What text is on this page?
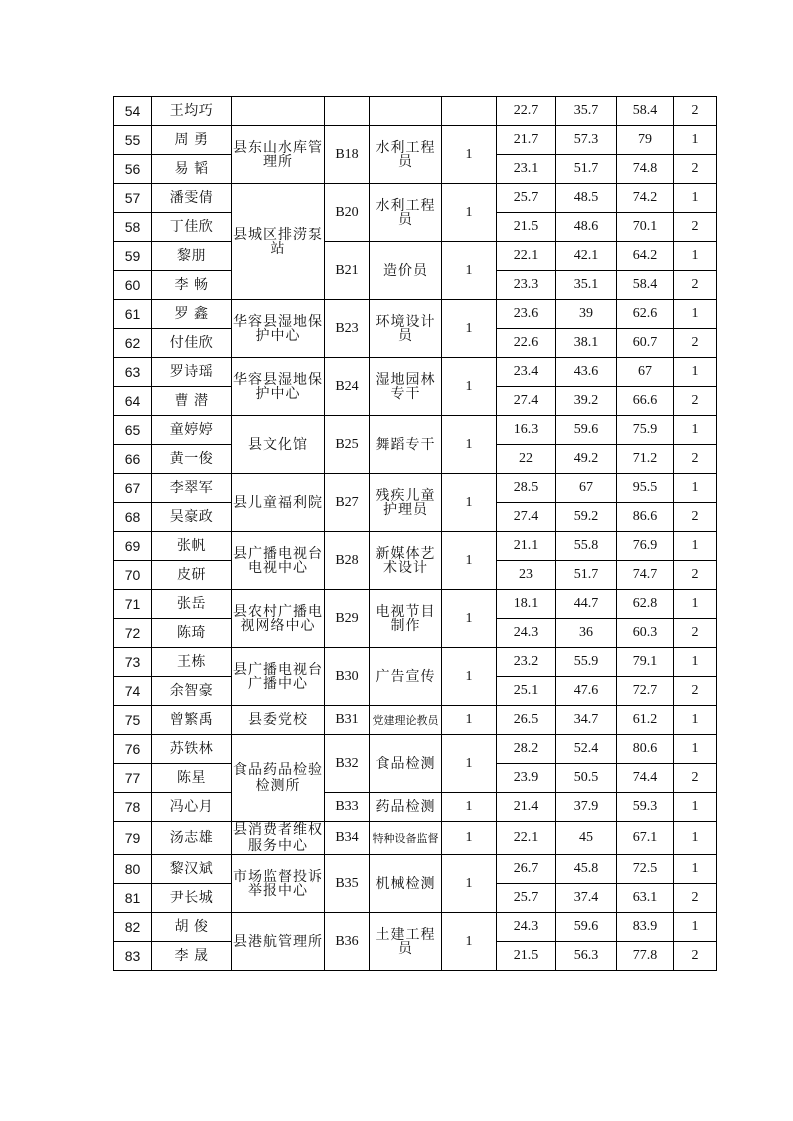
54	王均巧					22.7	35.7	58.4	2
55	周 勇	县东山水库管理所	B18	水利工程员	1	21.7	57.3	79	1
56	易 韬					23.1	51.7	74.8	2
57	潘雯倩	县城区排涝泵站	B20	水利工程员	1	25.7	48.5	74.2	1
58	丁佳欣					21.5	48.6	70.1	2
59	黎朋		B21	造价员	1	22.1	42.1	64.2	1
60	李 畅					23.3	35.1	58.4	2
61	罗 鑫	华容县湿地保护中心	B23	环境设计员	1	23.6	39	62.6	1
62	付佳欣					22.6	38.1	60.7	2
63	罗诗瑶	华容县湿地保护中心	B24	湿地园林专干	1	23.4	43.6	67	1
64	曹 潜					27.4	39.2	66.6	2
65	童婷婷	县文化馆	B25	舞蹈专干	1	16.3	59.6	75.9	1
66	黄一俊					22	49.2	71.2	2
67	李翠军	县儿童福利院	B27	残疾儿童护理员	1	28.5	67	95.5	1
68	吴豪政					27.4	59.2	86.6	2
69	张帆	县广播电视台电视中心	B28	新媒体艺术设计	1	21.1	55.8	76.9	1
70	皮研					23	51.7	74.7	2
71	张岳	县农村广播电视网络中心	B29	电视节目制作	1	18.1	44.7	62.8	1
72	陈琦					24.3	36	60.3	2
73	王栋	县广播电视台广播中心	B30	广告宣传	1	23.2	55.9	79.1	1
74	余智豪					25.1	47.6	72.7	2
75	曾繁禹	县委党校	B31	党建理论教员	1	26.5	34.7	61.2	1
76	苏铁林	食品药品检验检测所	B32	食品检测	1	28.2	52.4	80.6	1
77	陈星					23.9	50.5	74.4	2
78	冯心月		B33	药品检测	1	21.4	37.9	59.3	1
79	汤志雄	县消费者维权服务中心	B34	特种设备监督	1	22.1	45	67.1	1
80	黎汉斌	市场监督投诉举报中心	B35	机械检测	1	26.7	45.8	72.5	1
81	尹长城					25.7	37.4	63.1	2
82	胡 俊	县港航管理所	B36	土建工程员	1	24.3	59.6	83.9	1
83	李 晟					21.5	56.3	77.8	2
